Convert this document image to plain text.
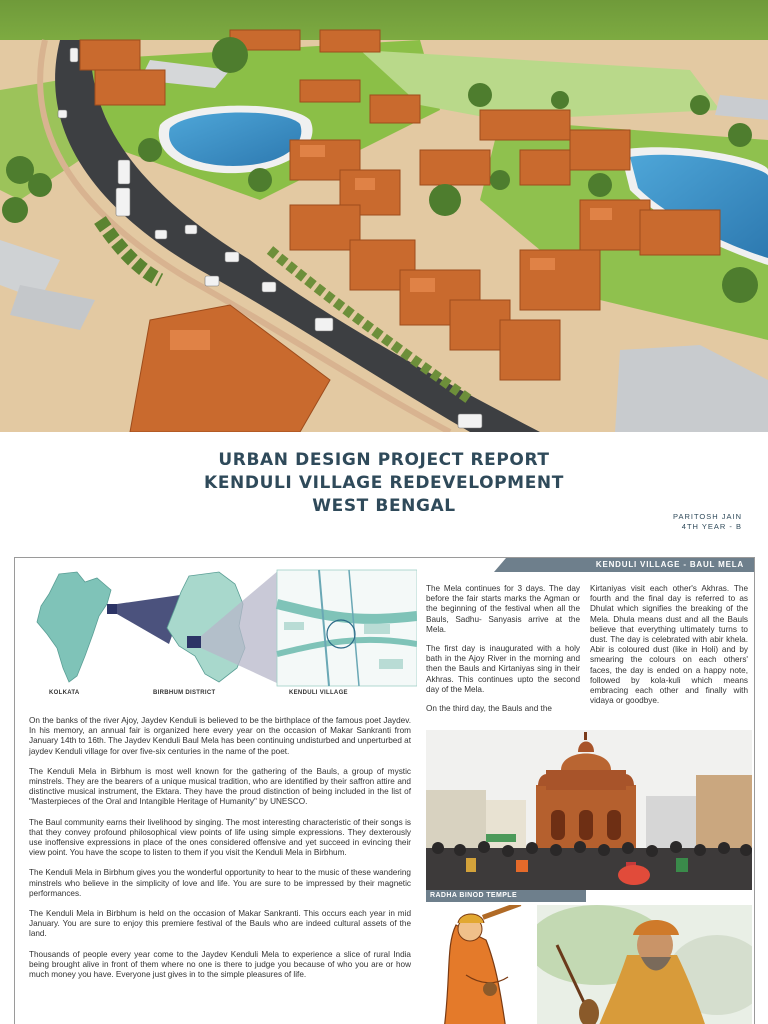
URBAN DESIGN PROJECT REPORT
KENDULI VILLAGE REDEVELOPMENT
WEST BENGAL
PARITOSH JAIN
4TH YEAR - B
KENDULI VILLAGE - BAUL MELA
KOLKATA	BIRBHUM DISTRICT	KENDULI VILLAGE

On the banks of the river Ajoy, Jaydev Kenduli is believed to be the birthplace of the famous poet Jaydev. In his memory, an annual fair is organized here every year on the occasion of Makar Sankranti from January 14th to 16th. The Jaydev Kenduli Baul Mela has been continuing undisturbed and unperturbed at jaydev Kenduli village for over five-six centuries in the name of the poet.

The Kenduli Mela in Birbhum is most well known for the gathering of the Bauls, a group of mystic minstrels. They are the bearers of a unique musical tradition, who are identified by their saffron attire and distinctive musical instrument, the Ektara. They have the proud distinction of being included in the list of "Masterpieces of the Oral and Intangible Heritage of Humanity" by UNESCO.

The Baul community earns their livelihood by singing. The most interesting characteristic of their songs is that they convey profound philosophical view points of life using simple expressions. They dexterously use inoffensive expressions in place of the ones considered offensive and yet succeed in evincing their view point. You have the scope to listen to them if you visit the Kenduli Mela in Birbhum.

The Kenduli Mela in Birbhum gives you the wonderful opportunity to hear to the music of these wandering minstrels who believe in the simplicity of love and life. You are sure to be impressed by their magnetic performances.

The Kenduli Mela in Birbhum is held on the occasion of Makar Sankranti. This occurs each year in mid January. You are sure to enjoy this premiere festival of the Bauls who are indeed cultural assets of the land.

Thousands of people every year come to the Jaydev Kenduli Mela to experience a slice of rural India being brought alive in front of them where no one is there to judge you because of who you are or how much money you have. Everyone just gives in to the simple pleasures of life.

The Mela continues for 3 days. The day before the fair starts marks the Agman or the beginning of the festival when all the Bauls, Sadhu- Sanyasis arrive at the Mela.

The first day is inaugurated with a holy bath in the Ajoy River in the morning and then the Bauls and Kirtaniyas sing in their Akhras. This continues upto the second day of the Mela.

On the third day, the Bauls and the

Kirtaniyas visit each other's Akhras. The fourth and the final day is referred to as Dhulat which signifies the breaking of the Mela. Dhula means dust and all the Bauls believe that everything ultimately turns to dust. The day is celebrated with abir khela. Abir is coloured dust (like in Holi) and by smearing the colours on each others' faces, the day is ended on a happy note, followed by kola-kuli which means embracing each other and finally with vidaya or goodbye.

RADHA BINOD TEMPLE
